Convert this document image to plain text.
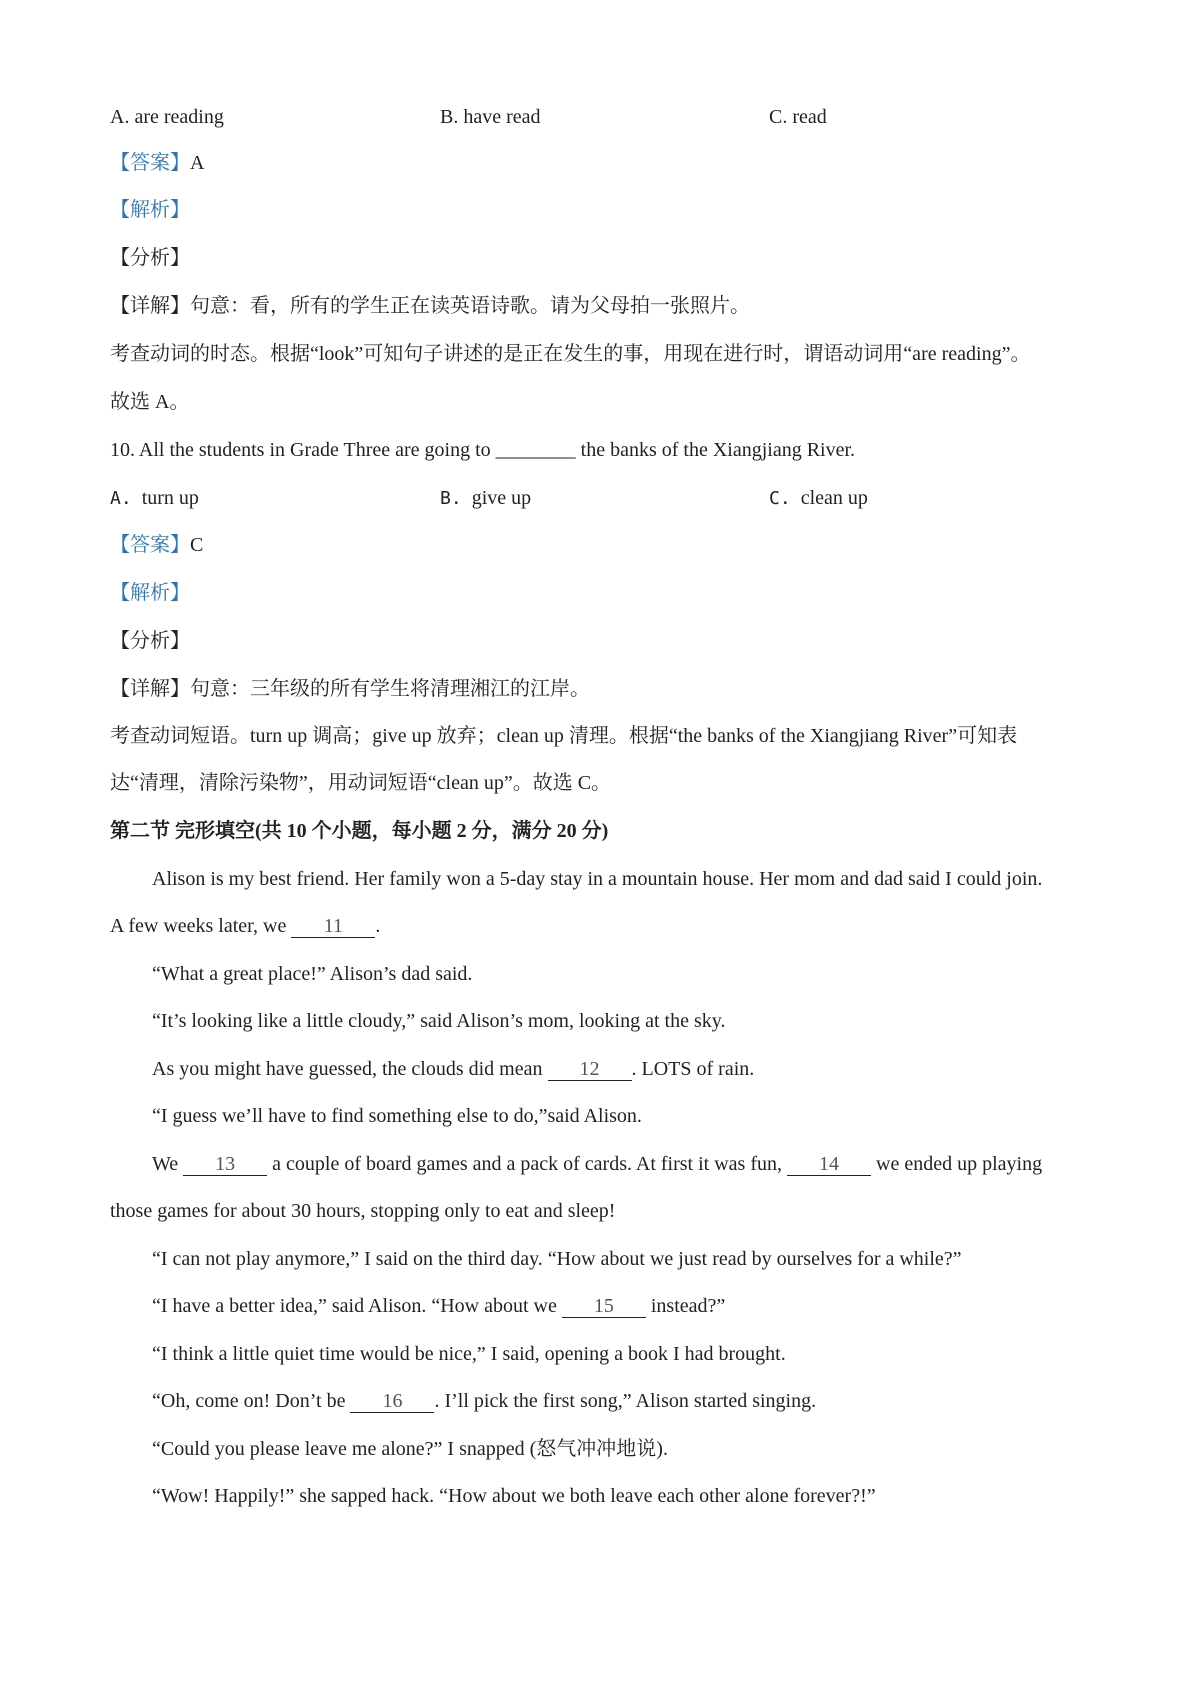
A. are reading	B. have read	C. read
【答案】A
【解析】
【分析】
【详解】句意：看，所有的学生正在读英语诗歌。请为父母拍一张照片。
考查动词的时态。根据“look”可知句子讲述的是正在发生的事，用现在进行时，谓语动词用“are reading”。
故选 A。
10. All the students in Grade Three are going to ________ the banks of the Xiangjiang River.
A. turn up	B. give up	C. clean up
【答案】C
【解析】
【分析】
【详解】句意：三年级的所有学生将清理湘江的江岸。
考查动词短语。turn up 调高；give up 放弃；clean up 清理。根据“the banks of the Xiangjiang River”可知表
达“清理，清除污染物”，用动词短语“clean up”。故选 C。
第二节 完形填空(共 10 个小题，每小题 2 分，满分 20 分)
Alison is my best friend. Her family won a 5-day stay in a mountain house. Her mom and dad said I could join.
A few weeks later, we 11 .
“What a great place!” Alison’s dad said.
“It’s looking like a little cloudy,” said Alison’s mom, looking at the sky.
As you might have guessed, the clouds did mean 12 . LOTS of rain.
“I guess we’ll have to find something else to do,”said Alison.
We 13 a couple of board games and a pack of cards. At first it was fun, 14 we ended up playing
those games for about 30 hours, stopping only to eat and sleep!
“I can not play anymore,” I said on the third day. “How about we just read by ourselves for a while?”
“I have a better idea,” said Alison. “How about we 15 instead?”
“I think a little quiet time would be nice,” I said, opening a book I had brought.
“Oh, come on! Don’t be 16 . I’ll pick the first song,” Alison started singing.
“Could you please leave me alone?” I snapped (怒气冲冲地说).
“Wow! Happily!” she sapped hack. “How about we both leave each other alone forever?!”
